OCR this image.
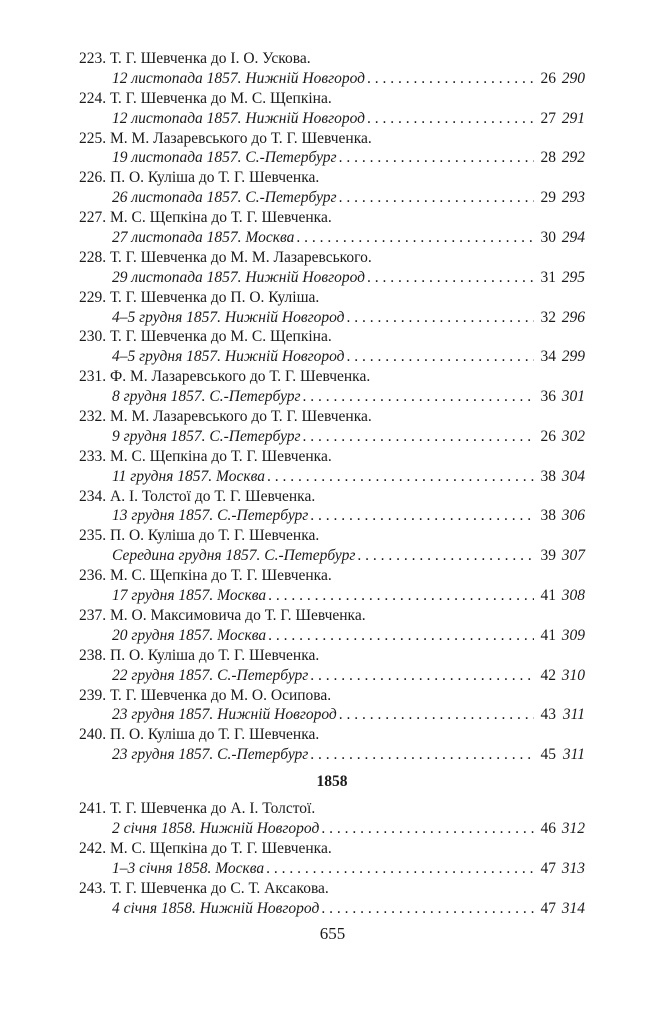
223. Т. Г. Шевченка до І. О. Ускова.
12 листопада 1857. Нижній Новгород . . .	26 290
224. Т. Г. Шевченка до М. С. Щепкіна.
12 листопада 1857. Нижній Новгород . . .	27 291
225. М. М. Лазаревського до Т. Г. Шевченка.
19 листопада 1857. С.-Петербург . . .	28 292
226. П. О. Куліша до Т. Г. Шевченка.
26 листопада 1857. С.-Петербург . . .	29 293
227. М. С. Щепкіна до Т. Г. Шевченка.
27 листопада 1857. Москва . . .	30 294
228. Т. Г. Шевченка до М. М. Лазаревського.
29 листопада 1857. Нижній Новгород . . .	31 295
229. Т. Г. Шевченка до П. О. Куліша.
4–5 грудня 1857. Нижній Новгород . . .	32 296
230. Т. Г. Шевченка до М. С. Щепкіна.
4–5 грудня 1857. Нижній Новгород . . .	34 299
231. Ф. М. Лазаревського до Т. Г. Шевченка.
8 грудня 1857. С.-Петербург . . .	36 301
232. М. М. Лазаревського до Т. Г. Шевченка.
9 грудня 1857. С.-Петербург . . .	26 302
233. М. С. Щепкіна до Т. Г. Шевченка.
11 грудня 1857. Москва . . .	38 304
234. А. І. Толстої до Т. Г. Шевченка.
13 грудня 1857. С.-Петербург . . .	38 306
235. П. О. Куліша до Т. Г. Шевченка.
Середина грудня 1857. С.-Петербург . . .	39 307
236. М. С. Щепкіна до Т. Г. Шевченка.
17 грудня 1857. Москва . . .	41 308
237. М. О. Максимовича до Т. Г. Шевченка.
20 грудня 1857. Москва . . .	41 309
238. П. О. Куліша до Т. Г. Шевченка.
22 грудня 1857. С.-Петербург . . .	42 310
239. Т. Г. Шевченка до М. О. Осипова.
23 грудня 1857. Нижній Новгород . . .	43 311
240. П. О. Куліша до Т. Г. Шевченка.
23 грудня 1857. С.-Петербург . . .	45 311
1858
241. Т. Г. Шевченка до А. І. Толстої.
2 січня 1858. Нижній Новгород . . .	46 312
242. М. С. Щепкіна до Т. Г. Шевченка.
1–3 січня 1858. Москва . . .	47 313
243. Т. Г. Шевченка до С. Т. Аксакова.
4 січня 1858. Нижній Новгород . . .	47 314
655
